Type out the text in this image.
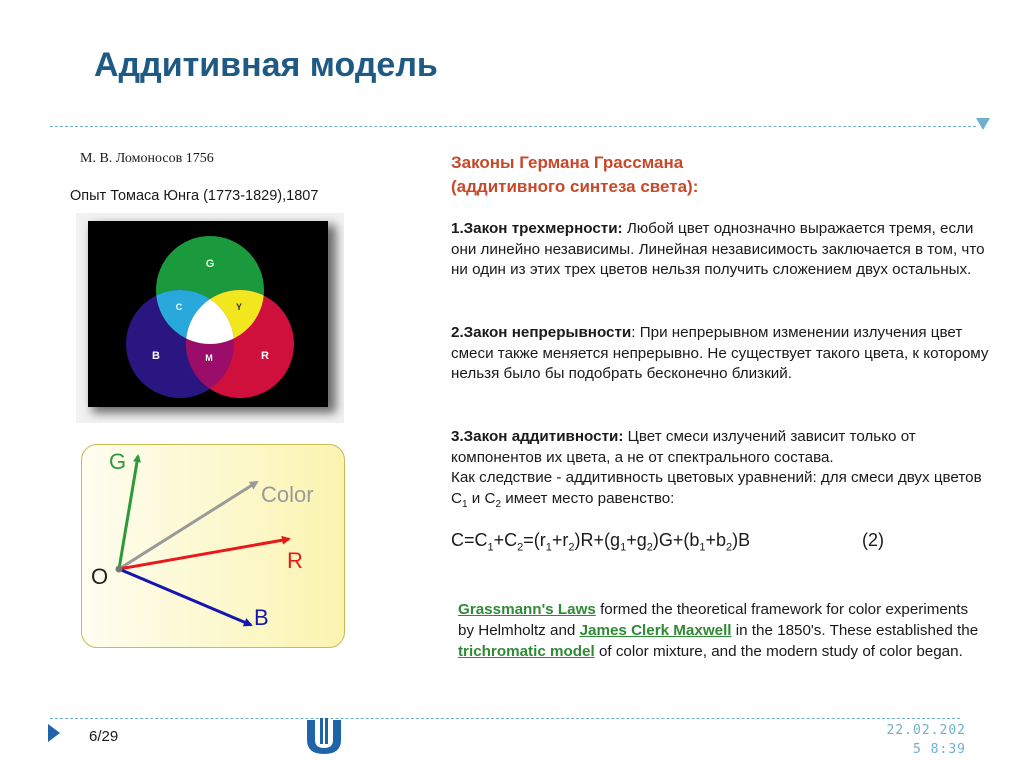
Аддитивная модель
М. В. Ломоносов 1756
Опыт Томаса Юнга (1773-1829),1807
G
C	Y
B	M	R
G
Color
R
B
O
Законы Германа Грассмана
(аддитивного синтеза света):
1.Закон трехмерности: Любой цвет однозначно выражается тремя, если они линейно независимы. Линейная независимость заключается в том, что ни один из этих трех цветов нельзя получить сложением двух остальных.
2.Закон непрерывности: При непрерывном изменении излучения цвет смеси также меняется непрерывно. Не существует такого цвета, к которому нельзя было бы подобрать бесконечно близкий.
3.Закон аддитивности: Цвет смеси излучений зависит только от компонентов их цвета, а не от спектрального состава.
Как следствие - аддитивность цветовых уравнений: для смеси двух цветов $С_1$ и $С_2$ имеет место равенство:
$C=C_1+C_2=(r_1+r_2)R+(g_1+g_2)G+(b_1+b_2)B$	(2)
Grassmann's Laws formed the theoretical framework for color experiments by Helmholtz and James Clerk Maxwell in the 1850's. These established the trichromatic model of color mixture, and the modern study of color began.
6/29	22.02.202
5 8:39
